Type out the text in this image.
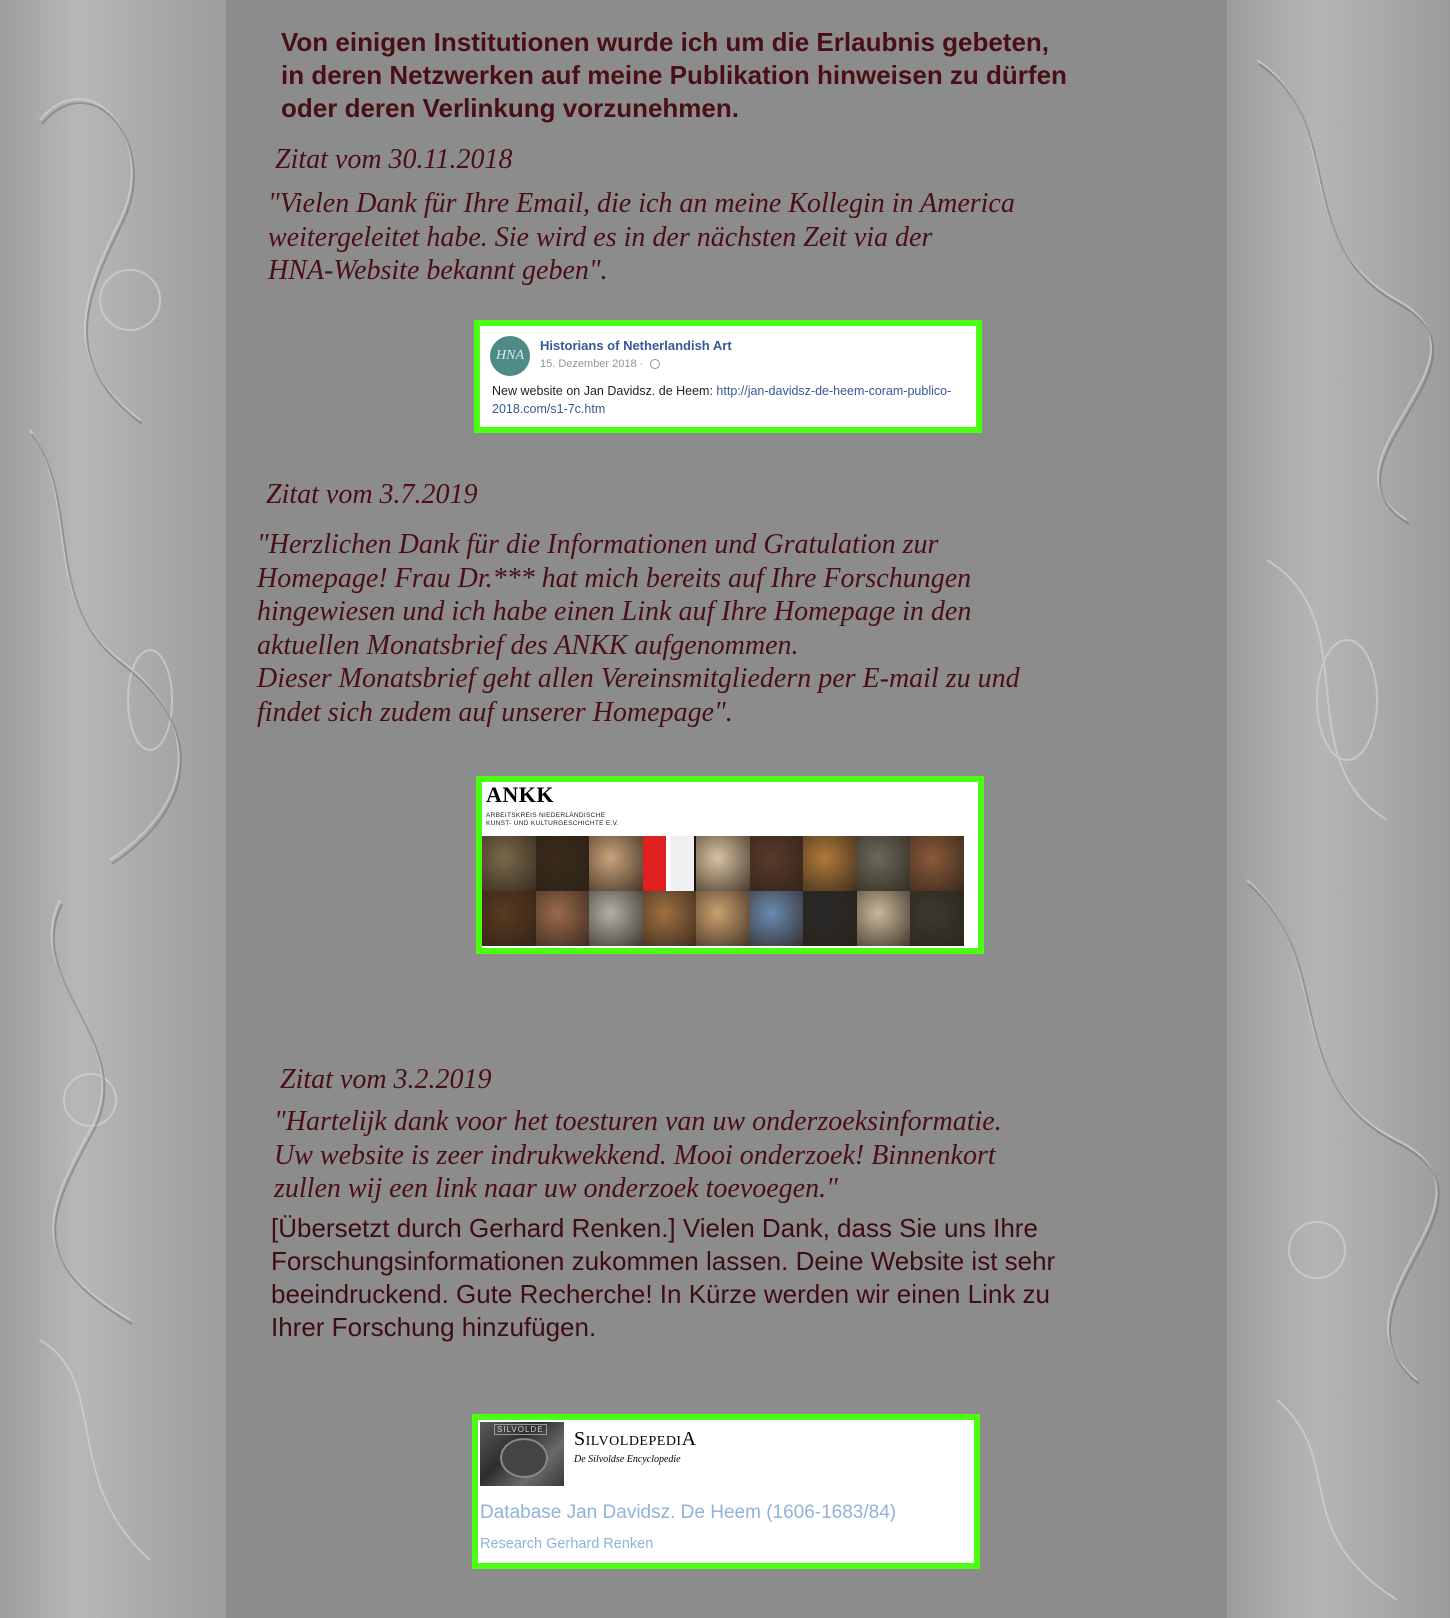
Von einigen Institutionen wurde ich um die Erlaubnis gebeten,
in deren Netzwerken auf meine Publikation hinweisen zu dürfen
oder deren Verlinkung vorzunehmen.

Zitat vom 30.11.2018

"Vielen Dank für Ihre Email, die ich an meine Kollegin in America
weitergeleitet habe. Sie wird es in der nächsten Zeit via der
HNA-Website bekannt geben".

HNA
Historians of Netherlandish Art
15. Dezember 2018 ·
New website on Jan Davidsz. de Heem: http://jan-davidsz-de-heem-coram-publico-2018.com/s1-7c.htm

Zitat vom 3.7.2019

"Herzlichen Dank für die Informationen und Gratulation zur
Homepage! Frau Dr.*** hat mich bereits auf Ihre Forschungen
hingewiesen und ich habe einen Link auf Ihre Homepage in den
aktuellen Monatsbrief des ANKK aufgenommen.
Dieser Monatsbrief geht allen Vereinsmitgliedern per E-mail zu und
findet sich zudem auf unserer Homepage".

ANKK
ARBEITSKREIS NIEDERLÄNDISCHE
KUNST- UND KULTURGESCHICHTE E.V.

Zitat vom 3.2.2019

"Hartelijk dank voor het toesturen van uw onderzoeksinformatie.
Uw website is zeer indrukwekkend. Mooi onderzoek! Binnenkort
zullen wij een link naar uw onderzoek toevoegen."

[Übersetzt durch Gerhard Renken.] Vielen Dank, dass Sie uns Ihre
Forschungsinformationen zukommen lassen. Deine Website ist sehr
beeindruckend. Gute Recherche! In Kürze werden wir einen Link zu
Ihrer Forschung hinzufügen.

SILVOLDE SilvoldepediA
De Silvoldse Encyclopedie
Database Jan Davidsz. De Heem (1606-1683/84)
Research Gerhard Renken
